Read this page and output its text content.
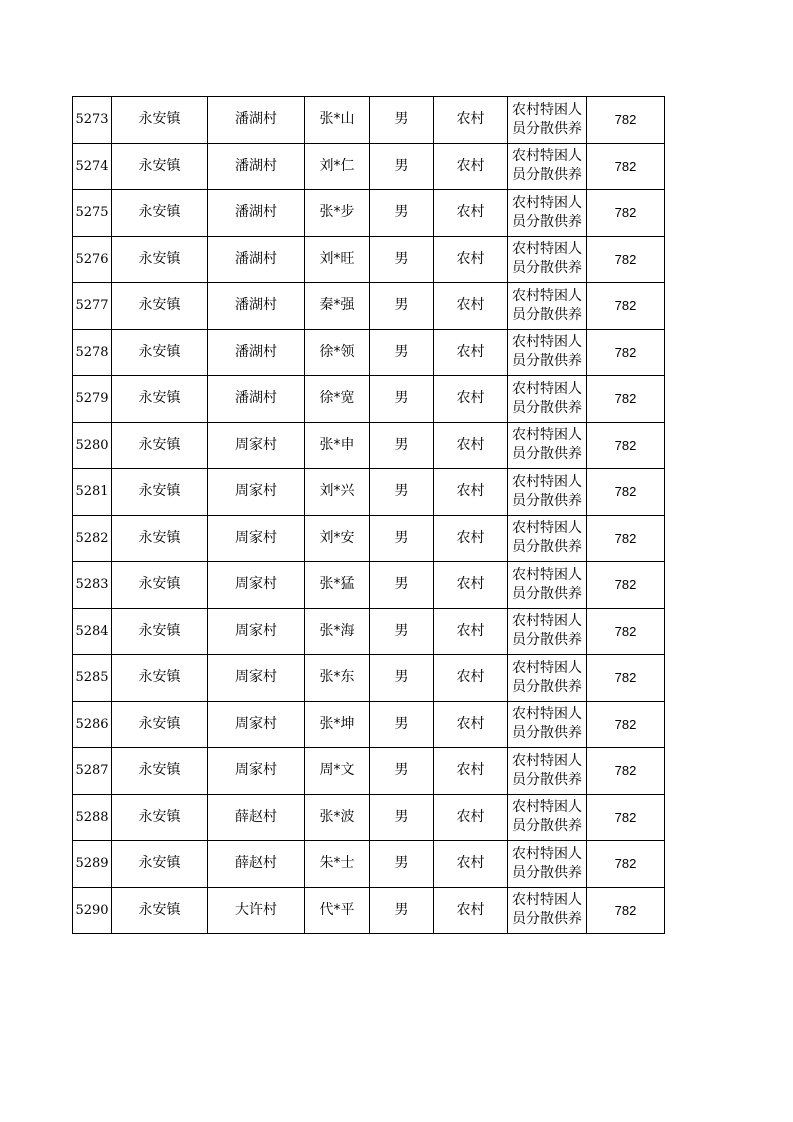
5273	永安镇	潘湖村	张*山	男	农村	农村特困人员分散供养	782
5274	永安镇	潘湖村	刘*仁	男	农村	农村特困人员分散供养	782
5275	永安镇	潘湖村	张*步	男	农村	农村特困人员分散供养	782
5276	永安镇	潘湖村	刘*旺	男	农村	农村特困人员分散供养	782
5277	永安镇	潘湖村	秦*强	男	农村	农村特困人员分散供养	782
5278	永安镇	潘湖村	徐*领	男	农村	农村特困人员分散供养	782
5279	永安镇	潘湖村	徐*宽	男	农村	农村特困人员分散供养	782
5280	永安镇	周家村	张*申	男	农村	农村特困人员分散供养	782
5281	永安镇	周家村	刘*兴	男	农村	农村特困人员分散供养	782
5282	永安镇	周家村	刘*安	男	农村	农村特困人员分散供养	782
5283	永安镇	周家村	张*猛	男	农村	农村特困人员分散供养	782
5284	永安镇	周家村	张*海	男	农村	农村特困人员分散供养	782
5285	永安镇	周家村	张*东	男	农村	农村特困人员分散供养	782
5286	永安镇	周家村	张*坤	男	农村	农村特困人员分散供养	782
5287	永安镇	周家村	周*文	男	农村	农村特困人员分散供养	782
5288	永安镇	薛赵村	张*波	男	农村	农村特困人员分散供养	782
5289	永安镇	薛赵村	朱*士	男	农村	农村特困人员分散供养	782
5290	永安镇	大许村	代*平	男	农村	农村特困人员分散供养	782
